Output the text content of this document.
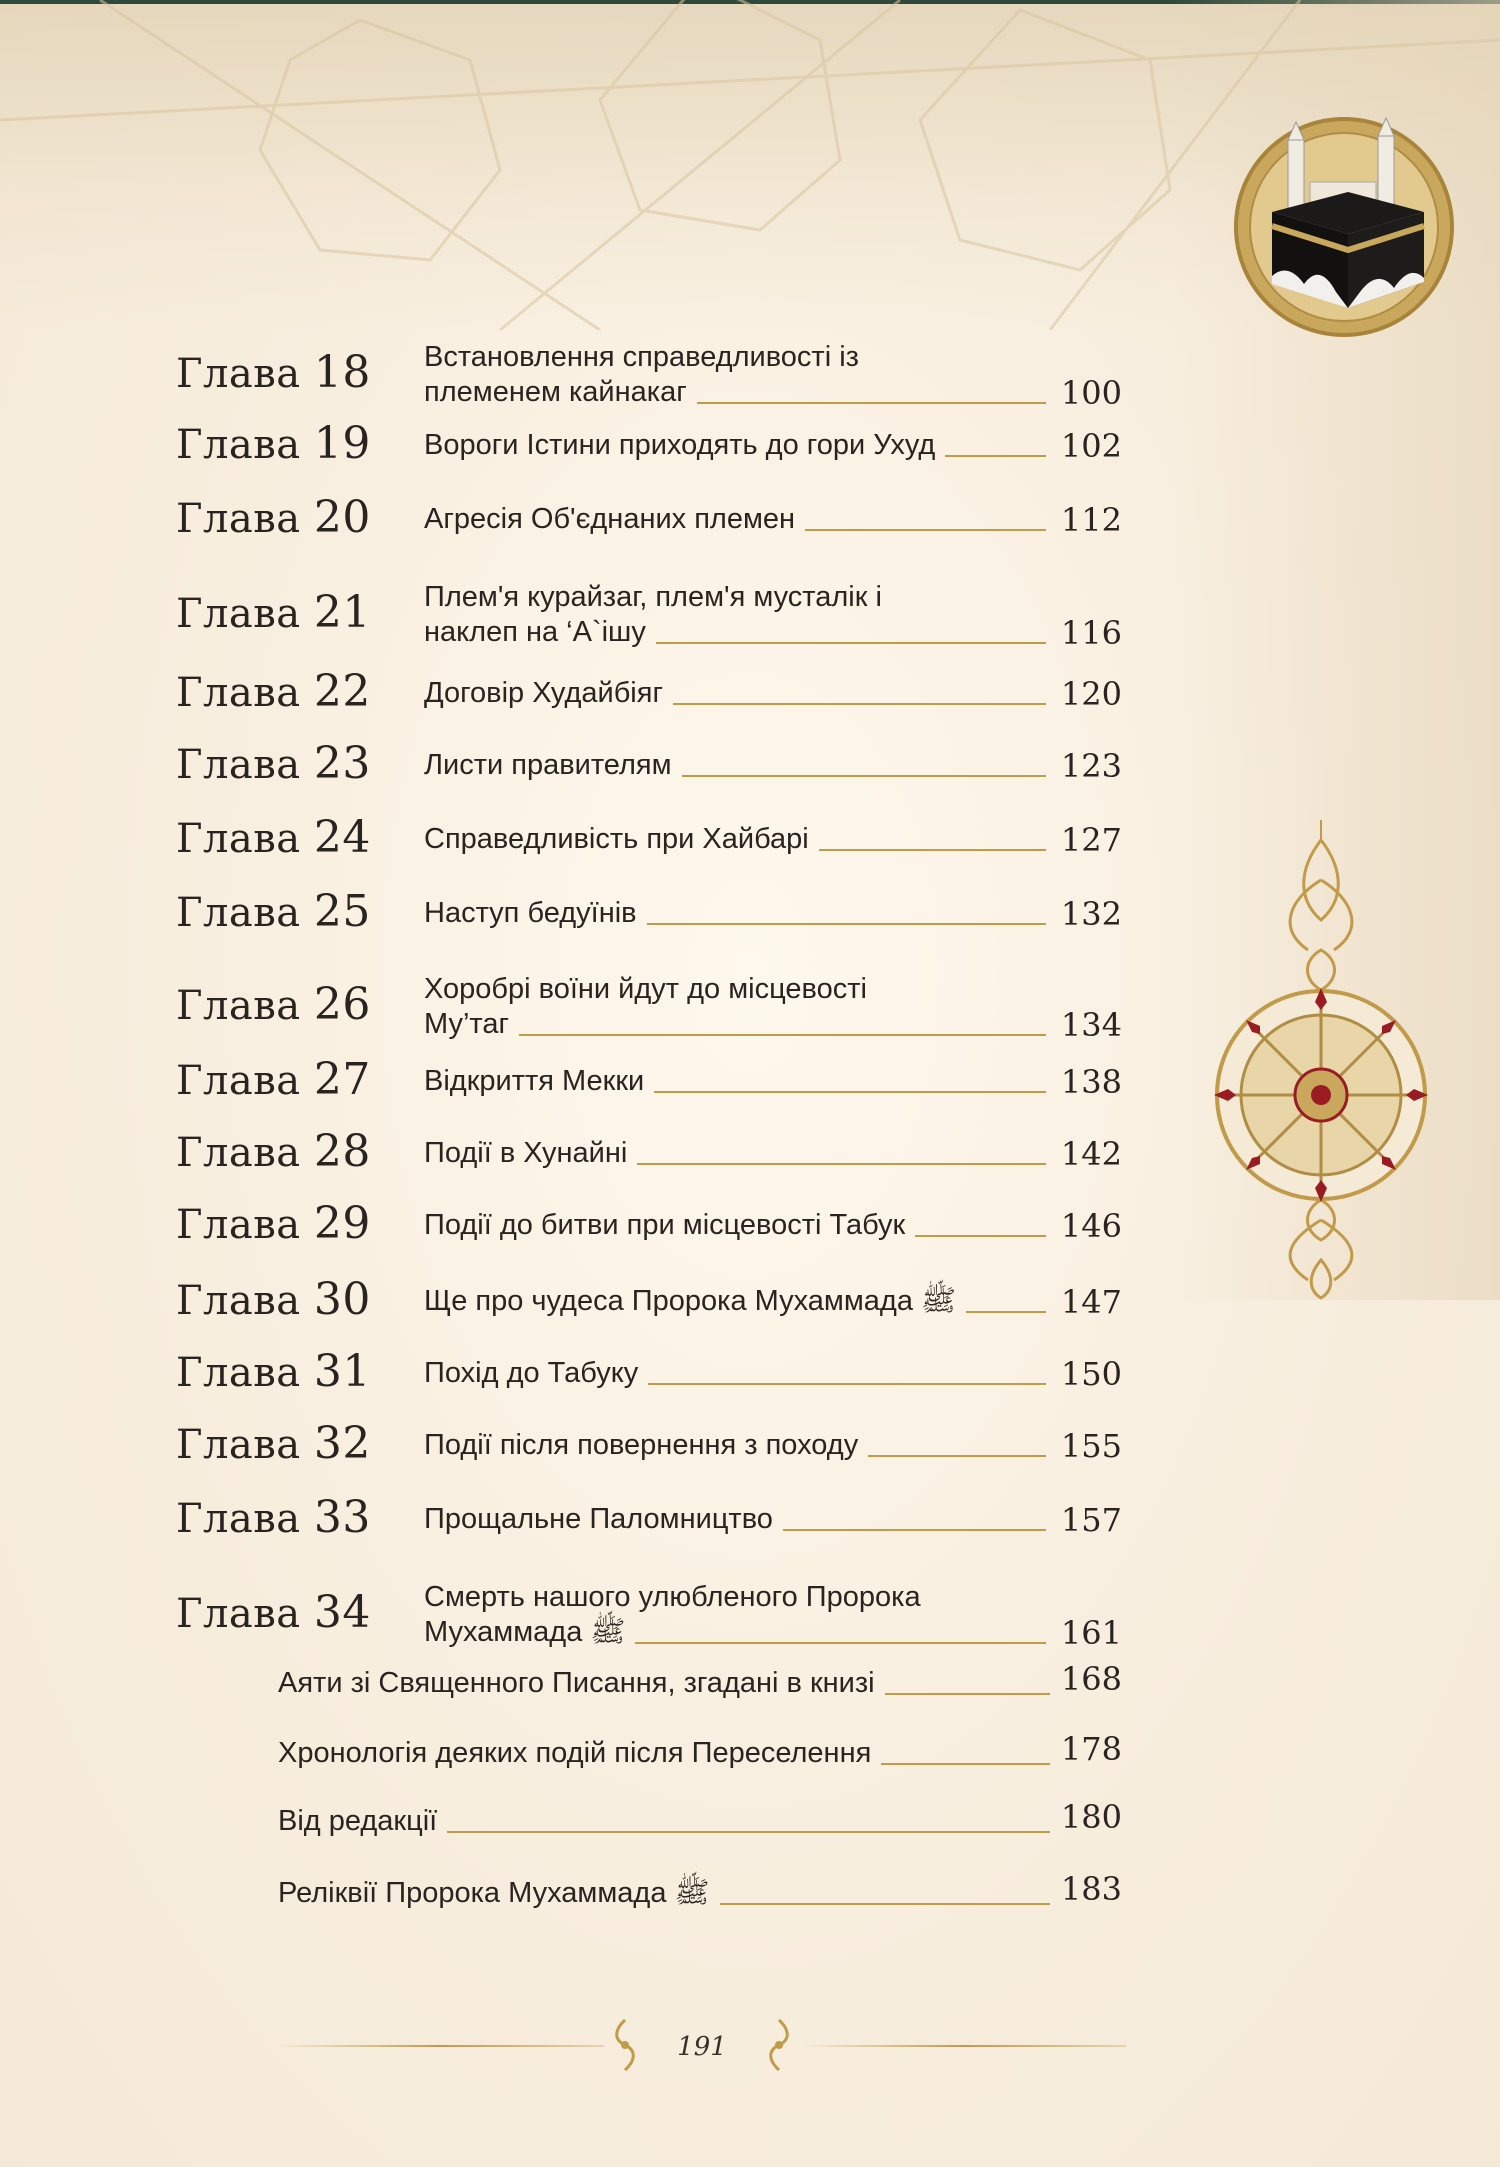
Глава 18 Встановлення справедливості із
племенем кайнакаг	100
Глава 19 Вороги Істини приходять до гори Ухуд	102
Глава 20 Агресія Об'єднаних племен	112
Глава 21 Плем'я курайзаг, плем'я мусталік і
наклеп на ‘А`ішу	116
Глава 22 Договір Худайбіяг	120
Глава 23 Листи правителям	123
Глава 24 Справедливість при Хайбарі	127
Глава 25 Наступ бедуїнів	132
Глава 26 Хоробрі воїни йдут до місцевості
Му’таг	134
Глава 27 Відкриття Мекки	138
Глава 28 Події в Хунайні	142
Глава 29 Події до битви при місцевості Табук	146
Глава 30 Ще про чудеса Пророка Мухаммада ﷺ	147
Глава 31 Похід до Табуку	150
Глава 32 Події після повернення з походу	155
Глава 33 Прощальне Паломництво	157
Глава 34 Смерть нашого улюбленого Пророка
Мухаммада ﷺ	161
Аяти зі Священного Писання, згадані в книзі	168
Хронологія деяких подій після Переселення	178
Від редакції	180
Реліквії Пророка Мухаммада ﷺ	183
191
